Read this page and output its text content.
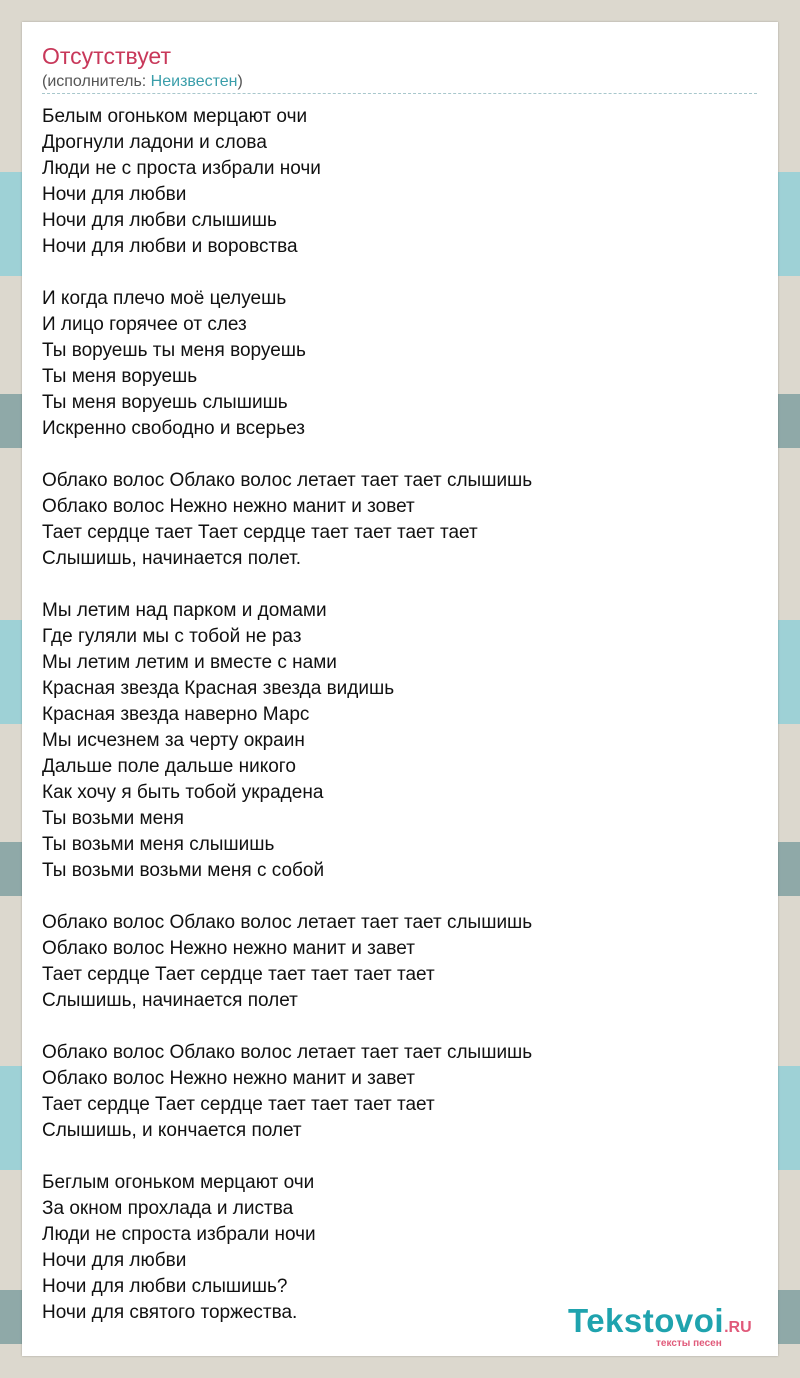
Отсутствует
(исполнитель: Неизвестен)
Белым огоньком мерцают очи
Дрогнули ладони и слова
Люди не с проста избрали ночи
Ночи для любви
Ночи для любви слышишь
Ночи для любви и воровства

И когда плечо моё целуешь
И лицо горячее от слез
Ты воруешь ты меня воруешь
Ты меня воруешь
Ты меня воруешь слышишь
Искренно свободно и всерьез

Облако волос Облако волос летает тает тает слышишь
Облако волос Нежно нежно манит и зовет
Тает сердце тает Тает сердце тает тает тает тает
Слышишь, начинается полет.

Мы летим над парком и домами
Где гуляли мы с тобой не раз
Мы летим летим и вместе с нами
Красная звезда Красная звезда видишь
Красная звезда наверно Марс
Мы исчезнем за черту окраин
Дальше поле дальше никого
Как хочу я быть тобой украдена
Ты возьми меня
Ты возьми меня слышишь
Ты возьми возьми меня с собой

Облако волос Облако волос летает тает тает слышишь
Облако волос Нежно нежно манит и завет
Тает сердце Тает сердце тает тает тает тает
Слышишь, начинается полет

Облако волос Облако волос летает тает тает слышишь
Облако волос Нежно нежно манит и завет
Тает сердце Тает сердце тает тает тает тает
Слышишь, и кончается полет

Беглым огоньком мерцают очи
За окном прохлада и листва
Люди не спроста избрали ночи
Ночи для любви
Ночи для любви слышишь?
Ночи для святого торжества.	Tekstovoi.RU
тексты песен
